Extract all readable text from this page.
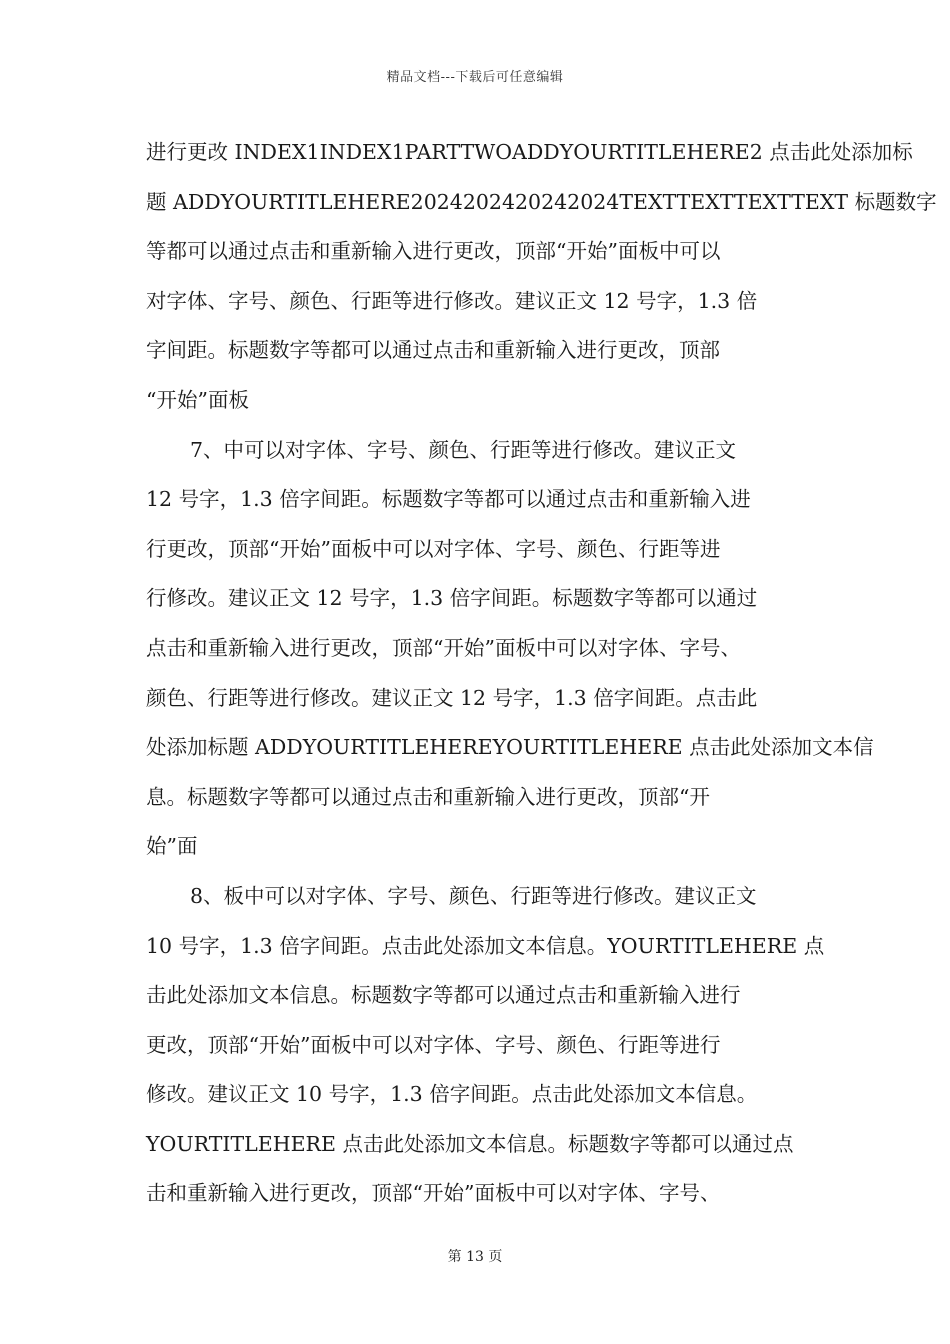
精品文档---下载后可任意编辑
进行更改 INDEX1INDEX1PARTTWOADDYOURTITLEHERE2 点击此处添加标
题 ADDYOURTITLEHERE2024202420242024TEXTTEXTTEXTTEXT 标题数字
等都可以通过点击和重新输入进行更改，顶部“开始”面板中可以
对字体、字号、颜色、行距等进行修改。建议正文 12 号字，1.3 倍
字间距。标题数字等都可以通过点击和重新输入进行更改，顶部
“开始”面板
7、中可以对字体、字号、颜色、行距等进行修改。建议正文
12 号字，1.3 倍字间距。标题数字等都可以通过点击和重新输入进
行更改，顶部“开始”面板中可以对字体、字号、颜色、行距等进
行修改。建议正文 12 号字，1.3 倍字间距。标题数字等都可以通过
点击和重新输入进行更改，顶部“开始”面板中可以对字体、字号、
颜色、行距等进行修改。建议正文 12 号字，1.3 倍字间距。点击此
处添加标题 ADDYOURTITLEHEREYOURTITLEHERE 点击此处添加文本信
息。标题数字等都可以通过点击和重新输入进行更改，顶部“开
始”面
8、板中可以对字体、字号、颜色、行距等进行修改。建议正文
10 号字，1.3 倍字间距。点击此处添加文本信息。YOURTITLEHERE 点
击此处添加文本信息。标题数字等都可以通过点击和重新输入进行
更改，顶部“开始”面板中可以对字体、字号、颜色、行距等进行
修改。建议正文 10 号字，1.3 倍字间距。点击此处添加文本信息。
YOURTITLEHERE 点击此处添加文本信息。标题数字等都可以通过点
击和重新输入进行更改，顶部“开始”面板中可以对字体、字号、
第 13 页
